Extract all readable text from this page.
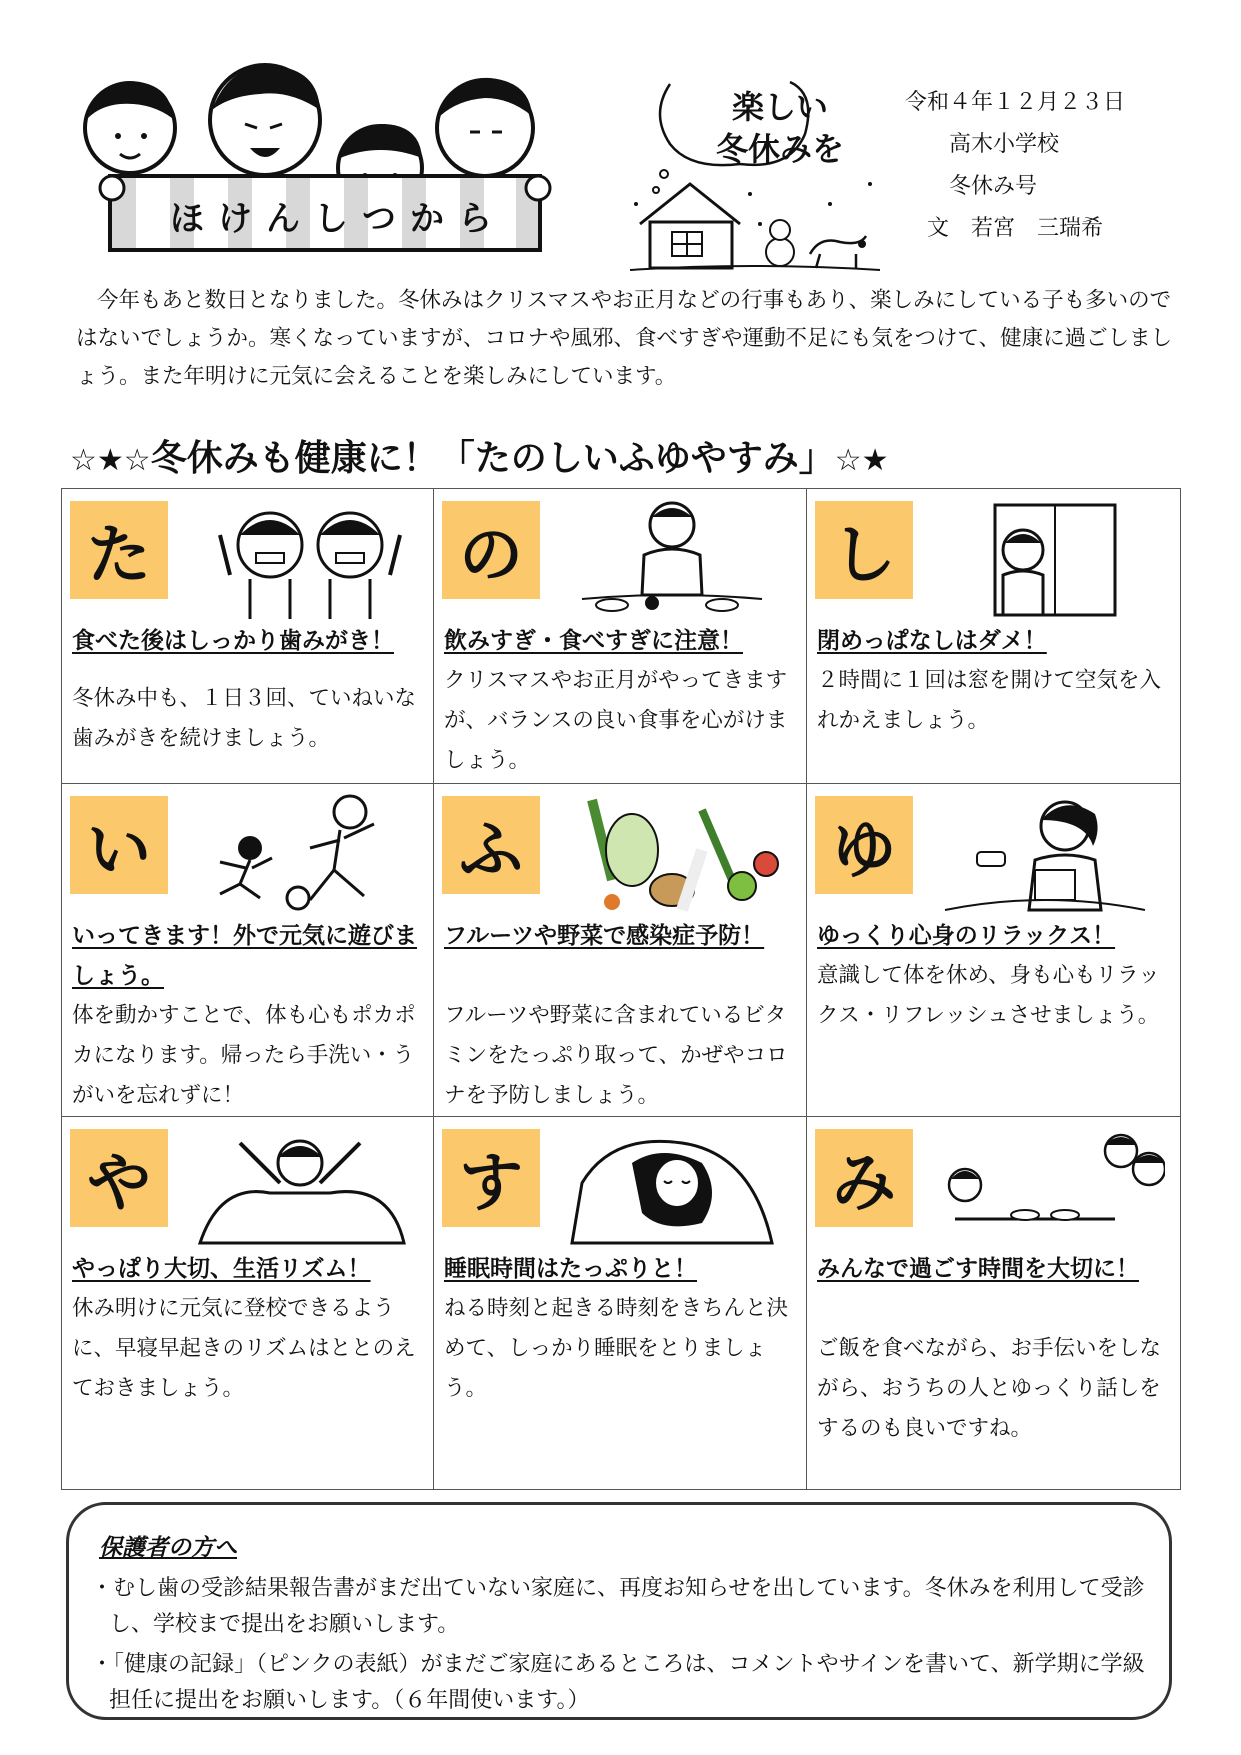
ほけんしつから
楽しい
冬休みを
令和４年１２月２３日
高木小学校
冬休み号
文　若宮　三瑞希

今年もあと数日となりました。冬休みはクリスマスやお正月などの行事もあり、楽しみにしている子も多いのではないでしょうか。寒くなっていますが、コロナや風邪、食べすぎや運動不足にも気をつけて、健康に過ごしましょう。また年明けに元気に会えることを楽しみにしています。

☆★☆冬休みも健康に！「たのしいふゆやすみ」☆★
た
食べた後はしっかり歯みがき！
冬休み中も、１日３回、ていねいな歯みがきを続けましょう。
の
飲みすぎ・食べすぎに注意！
クリスマスやお正月がやってきますが、バランスの良い食事を心がけましょう。
し
閉めっぱなしはダメ！
２時間に１回は窓を開けて空気を入れかえましょう。
い
いってきます！外で元気に遊びましょう。
体を動かすことで、体も心もポカポカになります。帰ったら手洗い・うがいを忘れずに！
ふ
フルーツや野菜で感染症予防！
フルーツや野菜に含まれているビタミンをたっぷり取って、かぜやコロナを予防しましょう。
ゆ
ゆっくり心身のリラックス！
意識して体を休め、身も心もリラックス・リフレッシュさせましょう。
や
やっぱり大切、生活リズム！
休み明けに元気に登校できるように、早寝早起きのリズムはととのえておきましょう。
す
睡眠時間はたっぷりと！
ねる時刻と起きる時刻をきちんと決めて、しっかり睡眠をとりましょう。
み
みんなで過ごす時間を大切に！
ご飯を食べながら、お手伝いをしながら、おうちの人とゆっくり話しをするのも良いですね。
保護者の方へ
・むし歯の受診結果報告書がまだ出ていない家庭に、再度お知らせを出しています。冬休みを利用して受診し、学校まで提出をお願いします。
・「健康の記録」（ピンクの表紙）がまだご家庭にあるところは、コメントやサインを書いて、新学期に学級担任に提出をお願いします。（６年間使います。）
